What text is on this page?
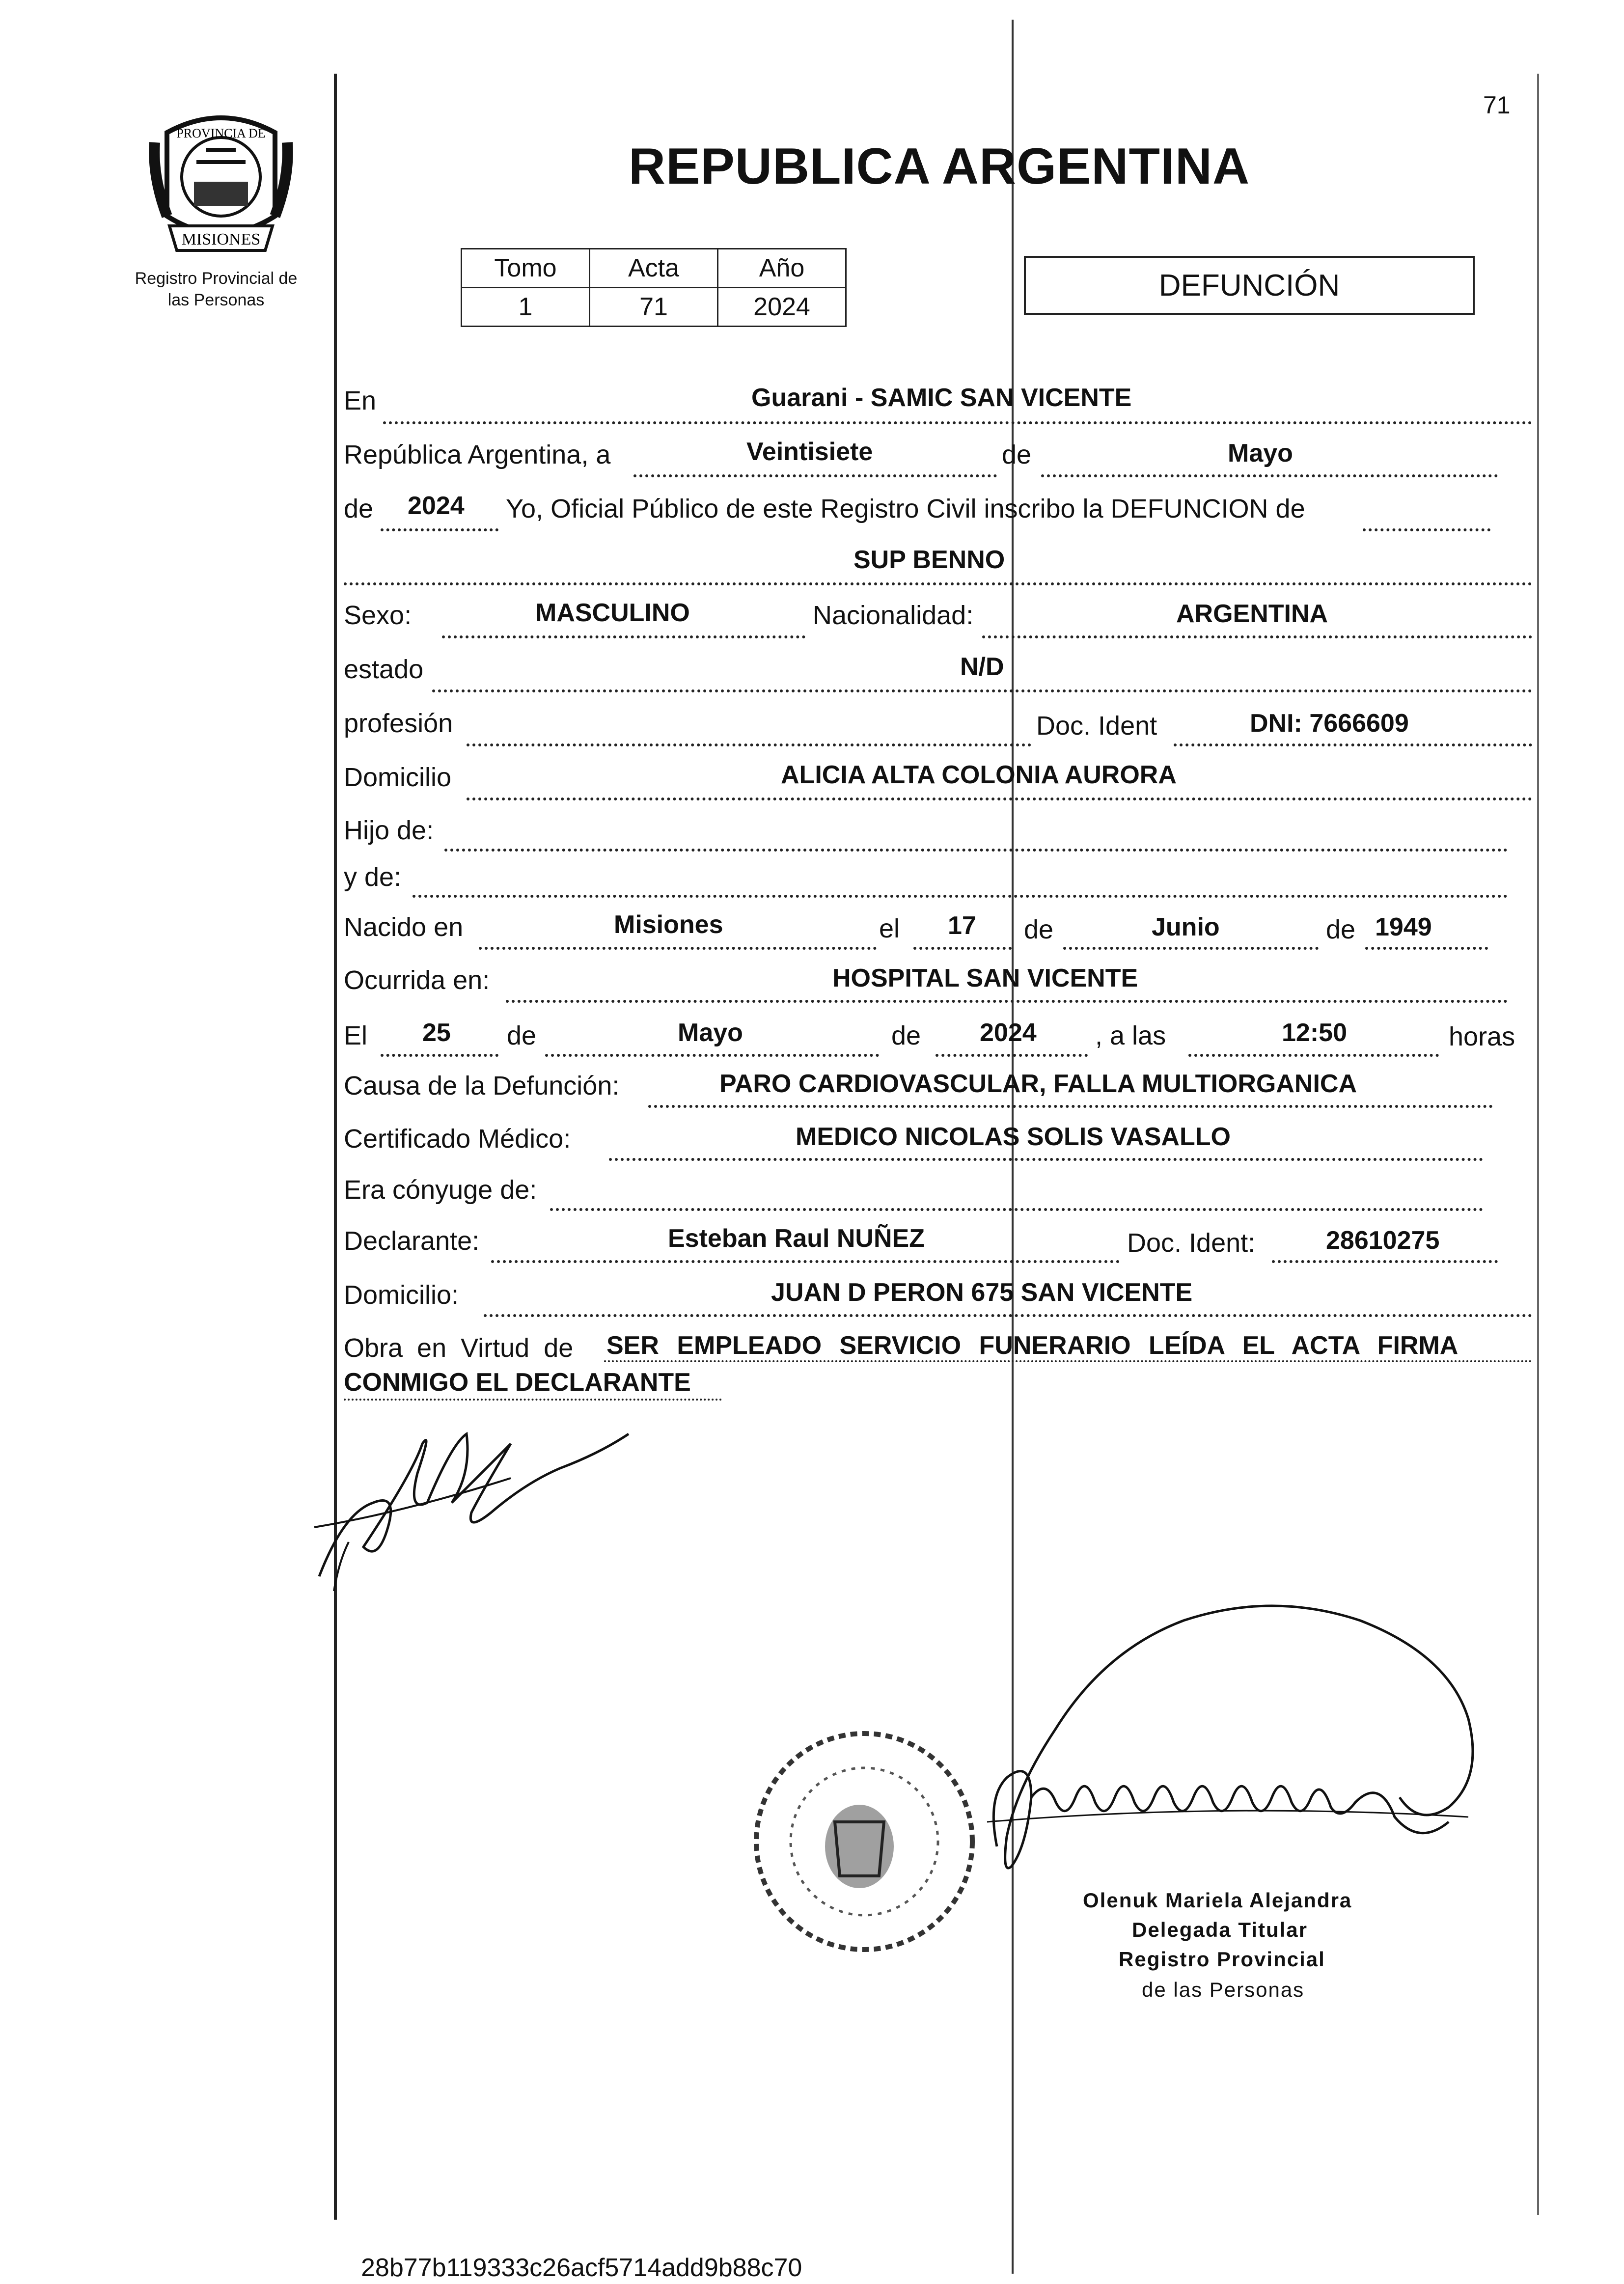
PROVINCIA DE
MISIONES
Registro Provincial de
las Personas
71
REPUBLICA ARGENTINA
Tomo	Acta	Año
1	71	2024
DEFUNCIÓN
En	Guarani - SAMIC SAN VICENTE
República Argentina, a	Veintisiete	de	Mayo
de 2024 Yo, Oficial Público de este Registro Civil inscribo la DEFUNCION de
SUP BENNO
Sexo:	MASCULINO	Nacionalidad:	ARGENTINA
estado	N/D
profesión	Doc. Ident	DNI: 7666609
Domicilio	ALICIA ALTA COLONIA AURORA
Hijo de:
y de:
Nacido en	Misiones	el 17 de	Junio	de 1949
Ocurrida en:	HOSPITAL SAN VICENTE
El 25 de	Mayo	de 2024 , a las	12:50	horas
Causa de la Defunción:	PARO CARDIOVASCULAR, FALLA MULTIORGANICA
Certificado Médico:	MEDICO NICOLAS SOLIS VASALLO
Era cónyuge de:
Declarante:	Esteban Raul NUÑEZ	Doc. Ident:	28610275
Domicilio:	JUAN D PERON 675 SAN VICENTE
Obra en Virtud de SER EMPLEADO SERVICIO FUNERARIO LEÍDA EL ACTA FIRMA
CONMIGO EL DECLARANTE
Olenuk Mariela Alejandra
Delegada Titular
Registro Provincial
de las Personas
28b77b119333c26acf5714add9b88c70
